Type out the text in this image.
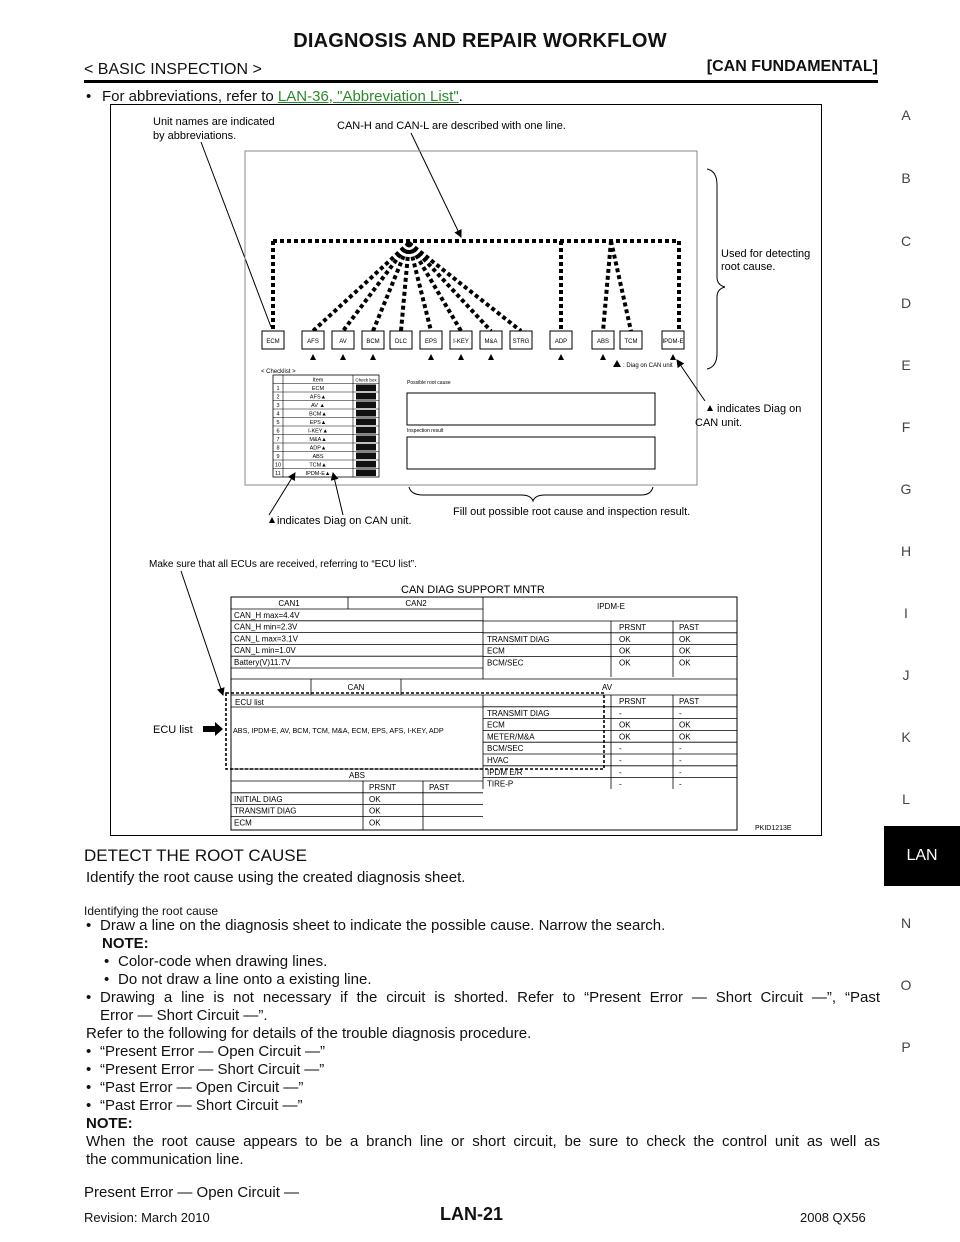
DIAGNOSIS AND REPAIR WORKFLOW
< BASIC INSPECTION >	[CAN FUNDAMENTAL]
A
B
C
D
E
F
G
H
I
J
K
L
LAN
N
O
P
• For abbreviations, refer to LAN-36, "Abbreviation List".
Unit names are indicated
by abbreviations.
CAN-H and CAN-L are described with one line.
Used for detecting
root cause.
ECM	AFS	AV	BCM	DLC	EPS	I-KEY	M&A	STRG	ADP	ABS	TCM	IPDM-E
< Checklist >
: Diag on CAN unit
Item	Check box
1	ECM
2	AFS▲
3	AV ▲
4	BCM▲
5	EPS▲
6	I-KEY▲
7	M&A▲
8	ADP▲
9	ABS
10	TCM▲
11	IPDM-E▲
Possible root cause
Inspection result
indicates Diag on
CAN unit.
Fill out possible root cause and inspection result.
indicates Diag on CAN unit.
Make sure that all ECUs are received, referring to “ECU list”.
CAN DIAG SUPPORT MNTR
CAN1	CAN2
CAN_H max=4.4V
CAN_H min=2.3V
CAN_L max=3.1V
CAN_L min=1.0V
Battery(V)11.7V
IPDM-E
PRSNT	PAST
TRANSMIT DIAG	OK	OK
ECM	OK	OK
BCM/SEC	OK	OK
CAN	AV
ECU list
ABS, IPDM-E, AV, BCM, TCM, M&A, ECM, EPS, AFS, I-KEY, ADP
PRSNT	PAST
TRANSMIT DIAG	-	-
ECM	OK	OK
METER/M&A	OK	OK
BCM/SEC	-	-
HVAC	-	-
IPDM E/R	-	-
TIRE-P	-	-
ABS
PRSNT	PAST
INITIAL DIAG	OK
TRANSMIT DIAG	OK
ECM	OK
ECU list
PKID1213E
DETECT THE ROOT CAUSE
Identify the root cause using the created diagnosis sheet.
Identifying the root cause
• Draw a line on the diagnosis sheet to indicate the possible cause. Narrow the search.
NOTE:
• Color-code when drawing lines.
• Do not draw a line onto a existing line.
• Drawing a line is not necessary if the circuit is shorted. Refer to “Present Error — Short Circuit —”, “Past
Error — Short Circuit —”.
Refer to the following for details of the trouble diagnosis procedure.
• “Present Error — Open Circuit —”
• “Present Error — Short Circuit —”
• “Past Error — Open Circuit —”
• “Past Error — Short Circuit —”
NOTE:
When the root cause appears to be a branch line or short circuit, be sure to check the control unit as well as
the communication line.
Present Error — Open Circuit —
Revision: March 2010	LAN-21	2008 QX56
